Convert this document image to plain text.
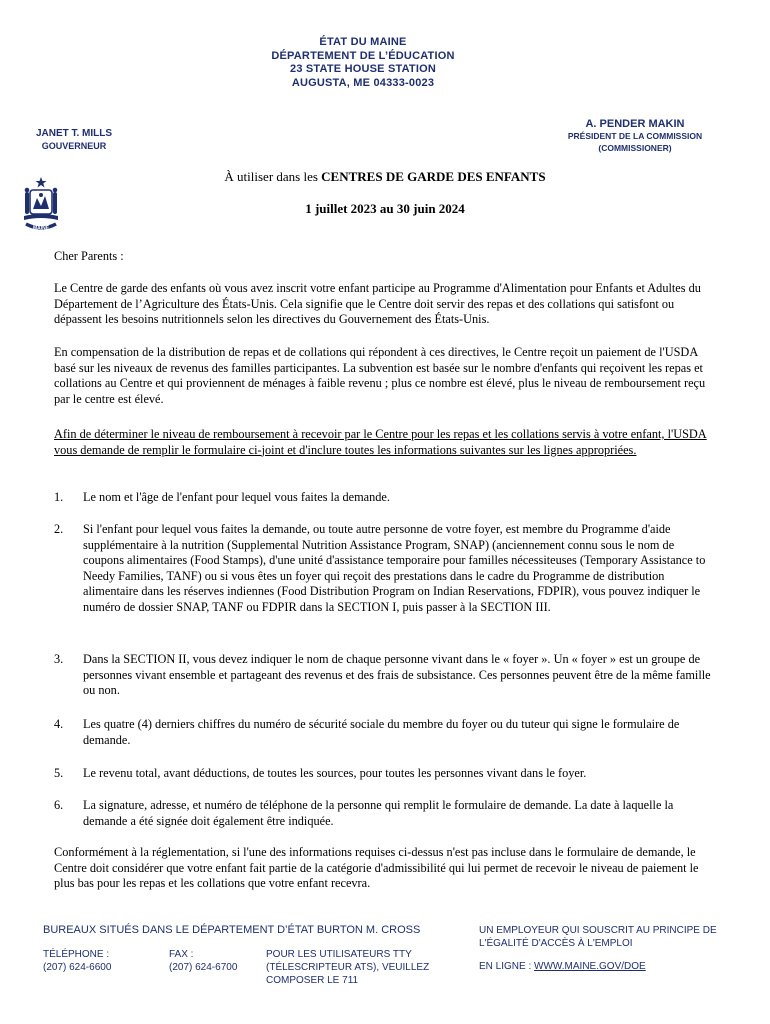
ÉTAT DU MAINE
DÉPARTEMENT DE L’ÉDUCATION
23 STATE HOUSE STATION
AUGUSTA, ME 04333-0023
JANET T. MILLS
GOUVERNEUR
A. PENDER MAKIN
PRÉSIDENT DE LA COMMISSION
(COMMISSIONER)
MAINE
À utiliser dans les CENTRES DE GARDE DES ENFANTS
1 juillet 2023 au 30 juin 2024
Cher Parents :
Le Centre de garde des enfants où vous avez inscrit votre enfant participe au Programme d'Alimentation pour Enfants et Adultes du Département de l’Agriculture des États-Unis. Cela signifie que le Centre doit servir des repas et des collations qui satisfont ou dépassent les besoins nutritionnels selon les directives du Gouvernement des États-Unis.
En compensation de la distribution de repas et de collations qui répondent à ces directives, le Centre reçoit un paiement de l'USDA basé sur les niveaux de revenus des familles participantes. La subvention est basée sur le nombre d'enfants qui reçoivent les repas et collations au Centre et qui proviennent de ménages à faible revenu ; plus ce nombre est élevé, plus le niveau de remboursement reçu par le centre est élevé.
Afin de déterminer le niveau de remboursement à recevoir par le Centre pour les repas et les collations servis à votre enfant, l'USDA vous demande de remplir le formulaire ci-joint et d'inclure toutes les informations suivantes sur les lignes appropriées.
1.	Le nom et l'âge de l'enfant pour lequel vous faites la demande.
2.	Si l'enfant pour lequel vous faites la demande, ou toute autre personne de votre foyer, est membre du Programme d'aide supplémentaire à la nutrition (Supplemental Nutrition Assistance Program, SNAP) (anciennement connu sous le nom de coupons alimentaires (Food Stamps), d'une unité d'assistance temporaire pour familles nécessiteuses (Temporary Assistance to Needy Families, TANF) ou si vous êtes un foyer qui reçoit des prestations dans le cadre du Programme de distribution alimentaire dans les réserves indiennes (Food Distribution Program on Indian Reservations, FDPIR), vous pouvez indiquer le numéro de dossier SNAP, TANF ou FDPIR dans la SECTION I, puis passer à la SECTION III.
3.	Dans la SECTION II, vous devez indiquer le nom de chaque personne vivant dans le « foyer ». Un « foyer » est un groupe de personnes vivant ensemble et partageant des revenus et des frais de subsistance. Ces personnes peuvent être de la même famille ou non.
4.	Les quatre (4) derniers chiffres du numéro de sécurité sociale du membre du foyer ou du tuteur qui signe le formulaire de demande.
5.	Le revenu total, avant déductions, de toutes les sources, pour toutes les personnes vivant dans le foyer.
6.	La signature, adresse, et numéro de téléphone de la personne qui remplit le formulaire de demande. La date à laquelle la demande a été signée doit également être indiquée.
Conformément à la réglementation, si l'une des informations requises ci-dessus n'est pas incluse dans le formulaire de demande, le Centre doit considérer que votre enfant fait partie de la catégorie d'admissibilité qui lui permet de recevoir le niveau de paiement le plus bas pour les repas et les collations que votre enfant recevra.
BUREAUX SITUÉS DANS LE DÉPARTEMENT D’ÉTAT BURTON M. CROSS
TÉLÉPHONE :
(207) 624-6600
FAX :
(207) 624-6700
POUR LES UTILISATEURS TTY
(TÉLESCRIPTEUR ATS), VEUILLEZ
COMPOSER LE 711
UN EMPLOYEUR QUI SOUSCRIT AU PRINCIPE DE
L'ÉGALITÉ D'ACCÈS À L'EMPLOI
EN LIGNE : WWW.MAINE.GOV/DOE
